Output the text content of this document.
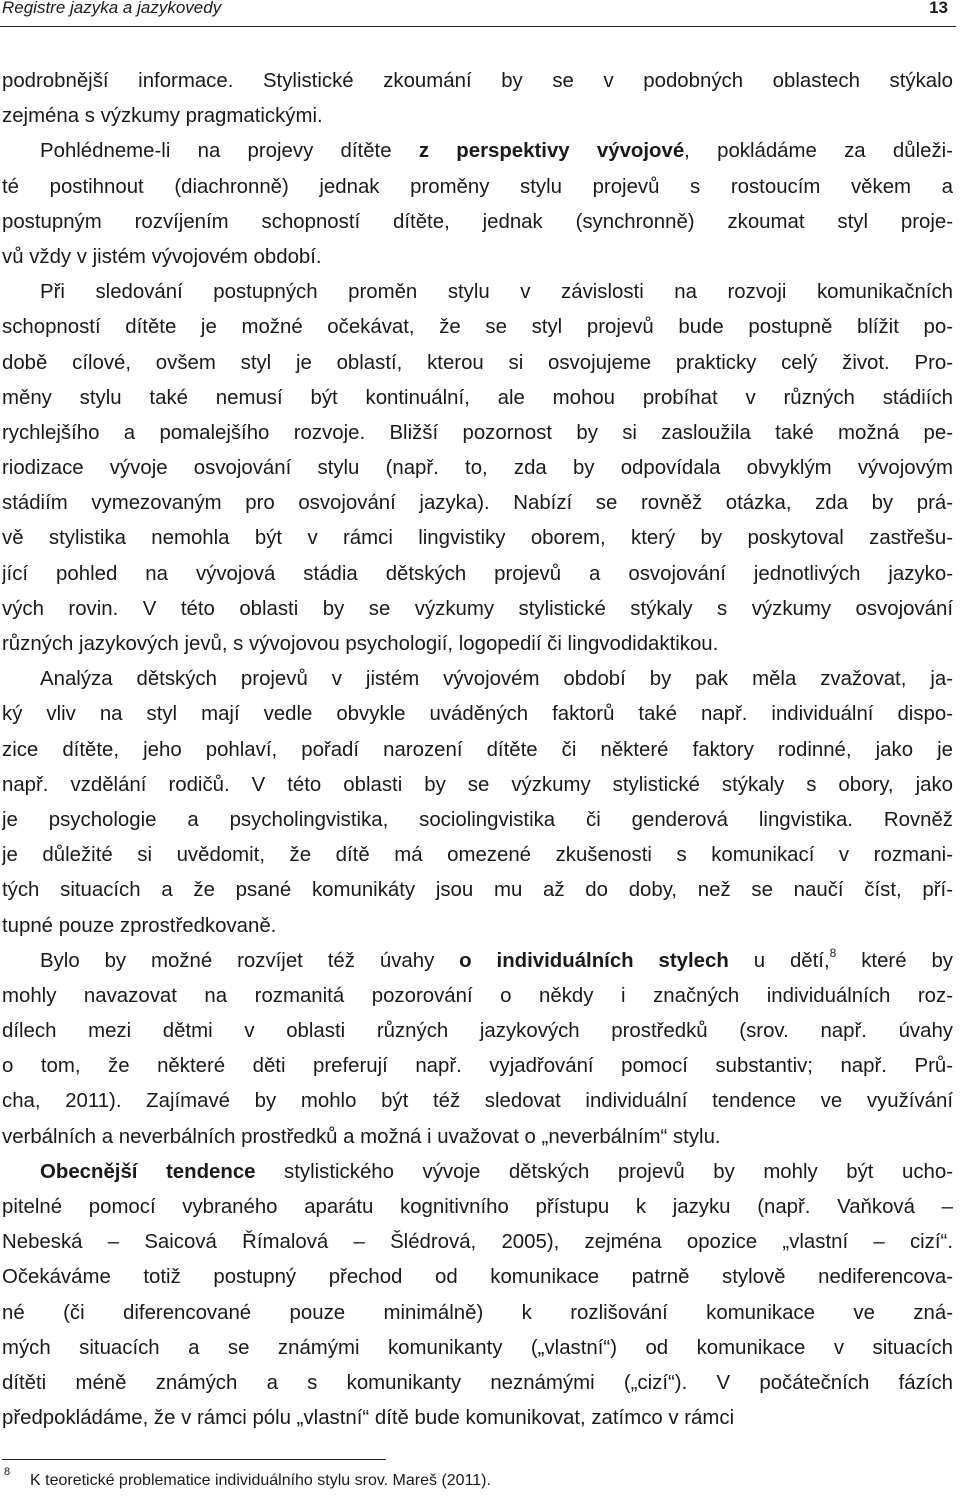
Registre jazyka a jazykovedy	13
podrobnější informace. Stylistické zkoumání by se v podobných oblastech stýkalo
zejména s výzkumy pragmatickými.
Pohlédneme-li na projevy dítěte z perspektivy vývojové, pokládáme za důleži-
té postihnout (diachronně) jednak proměny stylu projevů s rostoucím věkem a
postupným rozvíjením schopností dítěte, jednak (synchronně) zkoumat styl proje-
vů vždy v jistém vývojovém období.
Při sledování postupných proměn stylu v závislosti na rozvoji komunikačních
schopností dítěte je možné očekávat, že se styl projevů bude postupně blížit po-
době cílové, ovšem styl je oblastí, kterou si osvojujeme prakticky celý život. Pro-
měny stylu také nemusí být kontinuální, ale mohou probíhat v různých stádiích
rychlejšího a pomalejšího rozvoje. Bližší pozornost by si zasloužila také možná pe-
riodizace vývoje osvojování stylu (např. to, zda by odpovídala obvyklým vývojovým
stádiím vymezovaným pro osvojování jazyka). Nabízí se rovněž otázka, zda by prá-
vě stylistika nemohla být v rámci lingvistiky oborem, který by poskytoval zastřešu-
jící pohled na vývojová stádia dětských projevů a osvojování jednotlivých jazyko-
vých rovin. V této oblasti by se výzkumy stylistické stýkaly s výzkumy osvojování
různých jazykových jevů, s vývojovou psychologií, logopedií či lingvodidaktikou.
Analýza dětských projevů v jistém vývojovém období by pak měla zvažovat, ja-
ký vliv na styl mají vedle obvykle uváděných faktorů také např. individuální dispo-
zice dítěte, jeho pohlaví, pořadí narození dítěte či některé faktory rodinné, jako je
např. vzdělání rodičů. V této oblasti by se výzkumy stylistické stýkaly s obory, jako
je psychologie a psycholingvistika, sociolingvistika či genderová lingvistika. Rovněž
je důležité si uvědomit, že dítě má omezené zkušenosti s komunikací v rozmani-
tých situacích a že psané komunikáty jsou mu až do doby, než se naučí číst, pří-
tupné pouze zprostředkovaně.
Bylo by možné rozvíjet též úvahy o individuálních stylech u dětí,$^8$ které by
mohly navazovat na rozmanitá pozorování o někdy i značných individuálních roz-
dílech mezi dětmi v oblasti různých jazykových prostředků (srov. např. úvahy
o tom, že některé děti preferují např. vyjadřování pomocí substantiv; např. Prů-
cha, 2011). Zajímavé by mohlo být též sledovat individuální tendence ve využívání
verbálních a neverbálních prostředků a možná i uvažovat o „neverbálním“ stylu.
Obecnější tendence stylistického vývoje dětských projevů by mohly být ucho-
pitelné pomocí vybraného aparátu kognitivního přístupu k jazyku (např. Vaňková –
Nebeská – Saicová Římalová – Šlédrová, 2005), zejména opozice „vlastní – cizí“.
Očekáváme totiž postupný přechod od komunikace patrně stylově nediferencova-
né (či diferencované pouze minimálně) k rozlišování komunikace ve zná-
mých situacích a se známými komunikanty („vlastní“) od komunikace v situacích
dítěti méně známých a s komunikanty neznámými („cizí“). V počátečních fázích
předpokládáme, že v rámci pólu „vlastní“ dítě bude komunikovat, zatímco v rámci
8 K teoretické problematice individuálního stylu srov. Mareš (2011).
